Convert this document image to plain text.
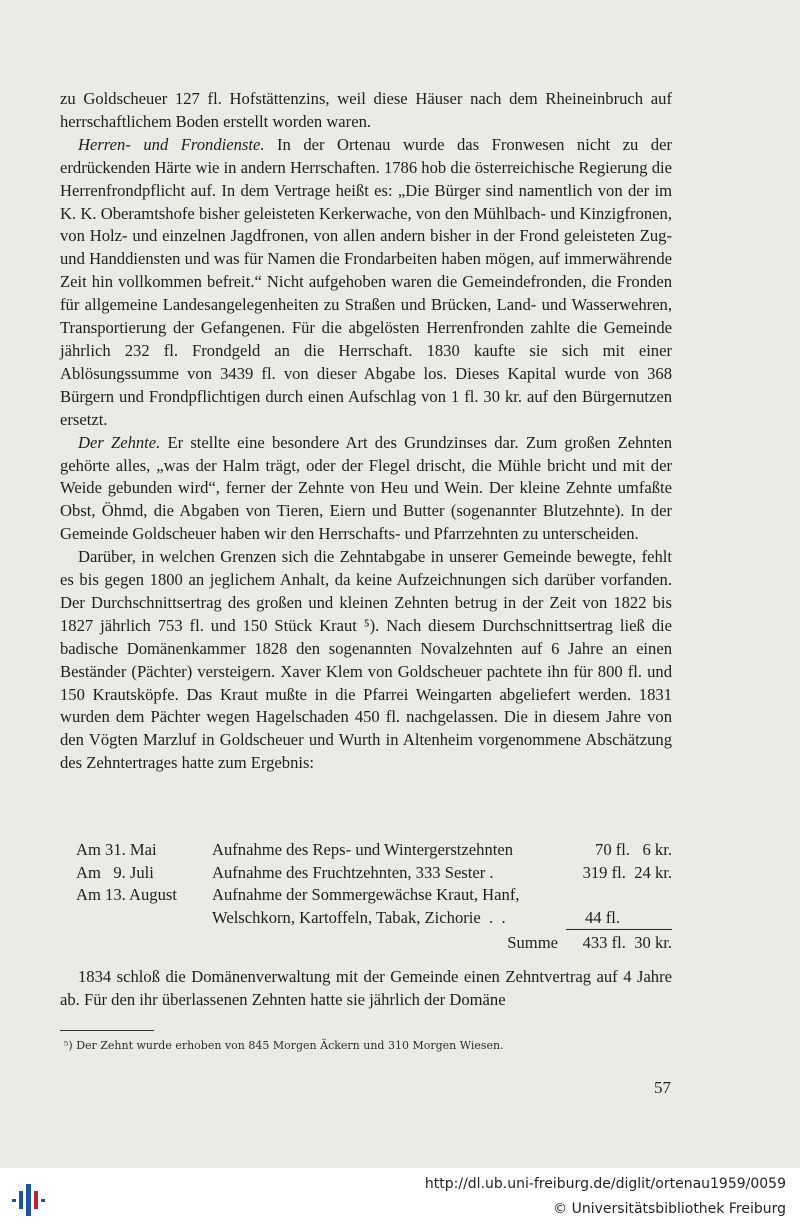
zu Goldscheuer 127 fl. Hofstättenzins, weil diese Häuser nach dem Rheineinbruch auf herrschaftlichem Boden erstellt worden waren.

Herren- und Frondienste. In der Ortenau wurde das Fronwesen nicht zu der erdrückenden Härte wie in andern Herrschaften. 1786 hob die österreichische Regierung die Herrenfrondpflicht auf. In dem Vertrage heißt es: „Die Bürger sind namentlich von der im K. K. Oberamtshofe bisher geleisteten Kerkerwache, von den Mühlbach- und Kinzigfronen, von Holz- und einzelnen Jagdfronen, von allen andern bisher in der Frond geleisteten Zug- und Handdiensten und was für Namen die Frondarbeiten haben mögen, auf immerwährende Zeit hin vollkommen befreit.“ Nicht aufgehoben waren die Gemeindefronden, die Fronden für allgemeine Landesangelegenheiten zu Straßen und Brücken, Land- und Wasserwehren, Transportierung der Gefangenen. Für die abgelösten Herrenfronden zahlte die Gemeinde jährlich 232 fl. Frondgeld an die Herrschaft. 1830 kaufte sie sich mit einer Ablösungssumme von 3439 fl. von dieser Abgabe los. Dieses Kapital wurde von 368 Bürgern und Frondpflichtigen durch einen Aufschlag von 1 fl. 30 kr. auf den Bürgernutzen ersetzt.

Der Zehnte. Er stellte eine besondere Art des Grundzinses dar. Zum großen Zehnten gehörte alles, „was der Halm trägt, oder der Flegel drischt, die Mühle bricht und mit der Weide gebunden wird“, ferner der Zehnte von Heu und Wein. Der kleine Zehnte umfaßte Obst, Öhmd, die Abgaben von Tieren, Eiern und Butter (sogenannter Blutzehnte). In der Gemeinde Goldscheuer haben wir den Herrschafts- und Pfarrzehnten zu unterscheiden.

Darüber, in welchen Grenzen sich die Zehntabgabe in unserer Gemeinde bewegte, fehlt es bis gegen 1800 an jeglichem Anhalt, da keine Aufzeichnungen sich darüber vorfanden. Der Durchschnittsertrag des großen und kleinen Zehnten betrug in der Zeit von 1822 bis 1827 jährlich 753 fl. und 150 Stück Kraut ⁵). Nach diesem Durchschnittsertrag ließ die badische Domänenkammer 1828 den sogenannten Novalzehnten auf 6 Jahre an einen Beständer (Pächter) versteigern. Xaver Klem von Goldscheuer pachtete ihn für 800 fl. und 150 Krautsköpfe. Das Kraut mußte in die Pfarrei Weingarten abgeliefert werden. 1831 wurden dem Pächter wegen Hagelschaden 450 fl. nachgelassen. Die in diesem Jahre von den Vögten Marzluf in Goldscheuer und Wurth in Altenheim vorgenommene Abschätzung des Zehntertrages hatte zum Ergebnis:

Am 31. Mai	Aufnahme des Reps- und Wintergerstzehnten	70 fl.   6 kr.
Am   9. Juli	Aufnahme des Fruchtzehnten, 333 Sester .	319 fl.  24 kr.
Am 13. August Aufnahme der Sommergewächse Kraut, Hanf,
Welschkorn, Kartoffeln, Tabak, Zichorie  .  .	44 fl.
Summe 433 fl.  30 kr.

1834 schloß die Domänenverwaltung mit der Gemeinde einen Zehntvertrag auf 4 Jahre ab. Für den ihr überlassenen Zehnten hatte sie jährlich der Domäne

⁵) Der Zehnt wurde erhoben von 845 Morgen Äckern und 310 Morgen Wiesen.
57
http://dl.ub.uni-freiburg.de/diglit/ortenau1959/0059
© Universitätsbibliothek Freiburg
